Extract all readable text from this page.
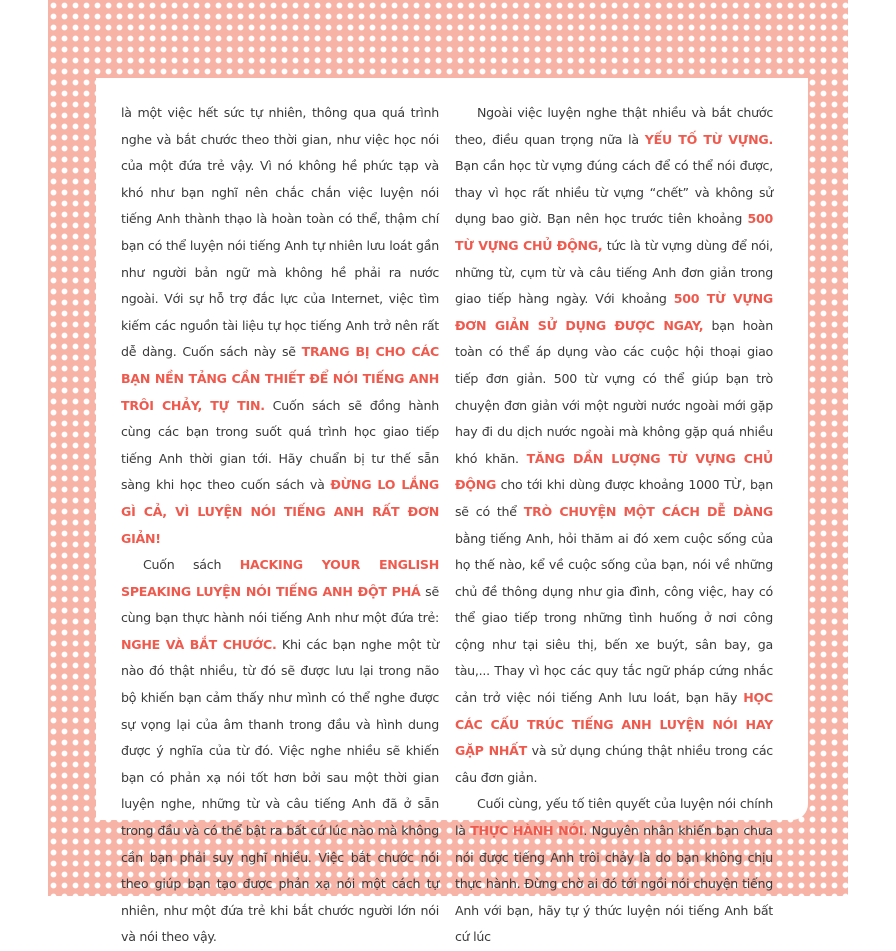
là một việc hết sức tự nhiên, thông qua quá trình nghe và bắt chước theo thời gian, như việc học nói của một đứa trẻ vậy. Vì nó không hề phức tạp và khó như bạn nghĩ nên chắc chắn việc luyện nói tiếng Anh thành thạo là hoàn toàn có thể, thậm chí bạn có thể luyện nói tiếng Anh tự nhiên lưu loát gần như người bản ngữ mà không hề phải ra nước ngoài. Với sự hỗ trợ đắc lực của Internet, việc tìm kiếm các nguồn tài liệu tự học tiếng Anh trở nên rất dễ dàng. Cuốn sách này sẽ TRANG BỊ CHO CÁC BẠN NỀN TẢNG CẦN THIẾT ĐỂ NÓI TIẾNG ANH TRÔI CHẢY, TỰ TIN. Cuốn sách sẽ đồng hành cùng các bạn trong suốt quá trình học giao tiếp tiếng Anh thời gian tới. Hãy chuẩn bị tư thế sẵn sàng khi học theo cuốn sách và ĐỪNG LO LẮNG GÌ CẢ, VÌ LUYỆN NÓI TIẾNG ANH RẤT ĐƠN GIẢN!

Cuốn sách HACKING YOUR ENGLISH SPEAKING LUYỆN NÓI TIẾNG ANH ĐỘT PHÁ sẽ cùng bạn thực hành nói tiếng Anh như một đứa trẻ: NGHE VÀ BẮT CHƯỚC. Khi các bạn nghe một từ nào đó thật nhiều, từ đó sẽ được lưu lại trong não bộ khiến bạn cảm thấy như mình có thể nghe được sự vọng lại của âm thanh trong đầu và hình dung được ý nghĩa của từ đó. Việc nghe nhiều sẽ khiến bạn có phản xạ nói tốt hơn bởi sau một thời gian luyện nghe, những từ và câu tiếng Anh đã ở sẵn trong đầu và có thể bật ra bất cứ lúc nào mà không cần bạn phải suy nghĩ nhiều. Việc bắt chước nói theo giúp bạn tạo được phản xạ nói một cách tự nhiên, như một đứa trẻ khi bắt chước người lớn nói và nói theo vậy.

Ngoài việc luyện nghe thật nhiều và bắt chước theo, điều quan trọng nữa là YẾU TỐ TỪ VỰNG. Bạn cần học từ vựng đúng cách để có thể nói được, thay vì học rất nhiều từ vựng “chết” và không sử dụng bao giờ. Bạn nên học trước tiên khoảng 500 TỪ VỰNG CHỦ ĐỘNG, tức là từ vựng dùng để nói, những từ, cụm từ và câu tiếng Anh đơn giản trong giao tiếp hàng ngày. Với khoảng 500 TỪ VỰNG ĐƠN GIẢN SỬ DỤNG ĐƯỢC NGAY, bạn hoàn toàn có thể áp dụng vào các cuộc hội thoại giao tiếp đơn giản. 500 từ vựng có thể giúp bạn trò chuyện đơn giản với một người nước ngoài mới gặp hay đi du dịch nước ngoài mà không gặp quá nhiều khó khăn. TĂNG DẦN LƯỢNG TỪ VỰNG CHỦ ĐỘNG cho tới khi dùng được khoảng 1000 TỪ, bạn sẽ có thể TRÒ CHUYỆN MỘT CÁCH DỄ DÀNG bằng tiếng Anh, hỏi thăm ai đó xem cuộc sống của họ thế nào, kể về cuộc sống của bạn, nói về những chủ đề thông dụng như gia đình, công việc, hay có thể giao tiếp trong những tình huống ở nơi công cộng như tại siêu thị, bến xe buýt, sân bay, ga tàu,... Thay vì học các quy tắc ngữ pháp cứng nhắc cản trở việc nói tiếng Anh lưu loát, bạn hãy HỌC CÁC CẤU TRÚC TIẾNG ANH LUYỆN NÓI HAY GẶP NHẤT và sử dụng chúng thật nhiều trong các câu đơn giản.

Cuối cùng, yếu tố tiên quyết của luyện nói chính là THỰC HÀNH NÓI. Nguyên nhân khiến bạn chưa nói được tiếng Anh trôi chảy là do bạn không chịu thực hành. Đừng chờ ai đó tới ngồi nói chuyện tiếng Anh với bạn, hãy tự ý thức luyện nói tiếng Anh bất cứ lúc
